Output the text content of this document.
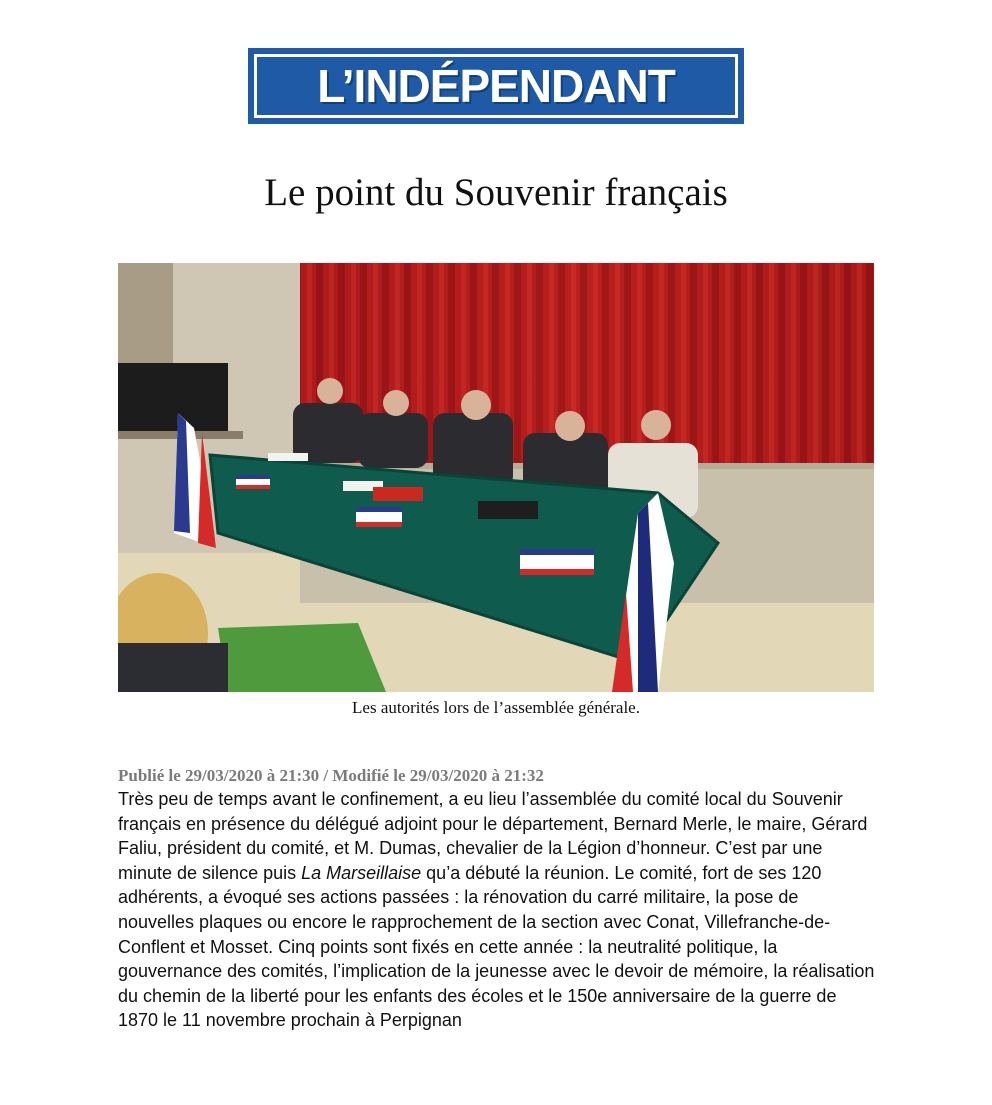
L’INDÉPENDANT
Le point du Souvenir français
Les autorités lors de l’assemblée générale.
Publié le 29/03/2020 à 21:30 / Modifié le 29/03/2020 à 21:32

Très peu de temps avant le confinement, a eu lieu l’assemblée du comité local du Souvenir français en présence du délégué adjoint pour le département, Bernard Merle, le maire, Gérard Faliu, président du comité, et M. Dumas, chevalier de la Légion d’honneur. C’est par une minute de silence puis La Marseillaise qu’a débuté la réunion. Le comité, fort de ses 120 adhérents, a évoqué ses actions passées : la rénovation du carré militaire, la pose de nouvelles plaques ou encore le rapprochement de la section avec Conat, Villefranche-de-Conflent et Mosset. Cinq points sont fixés en cette année : la neutralité politique, la gouvernance des comités, l’implication de la jeunesse avec le devoir de mémoire, la réalisation du chemin de la liberté pour les enfants des écoles et le 150e anniversaire de la guerre de 1870 le 11 novembre prochain à Perpignan
